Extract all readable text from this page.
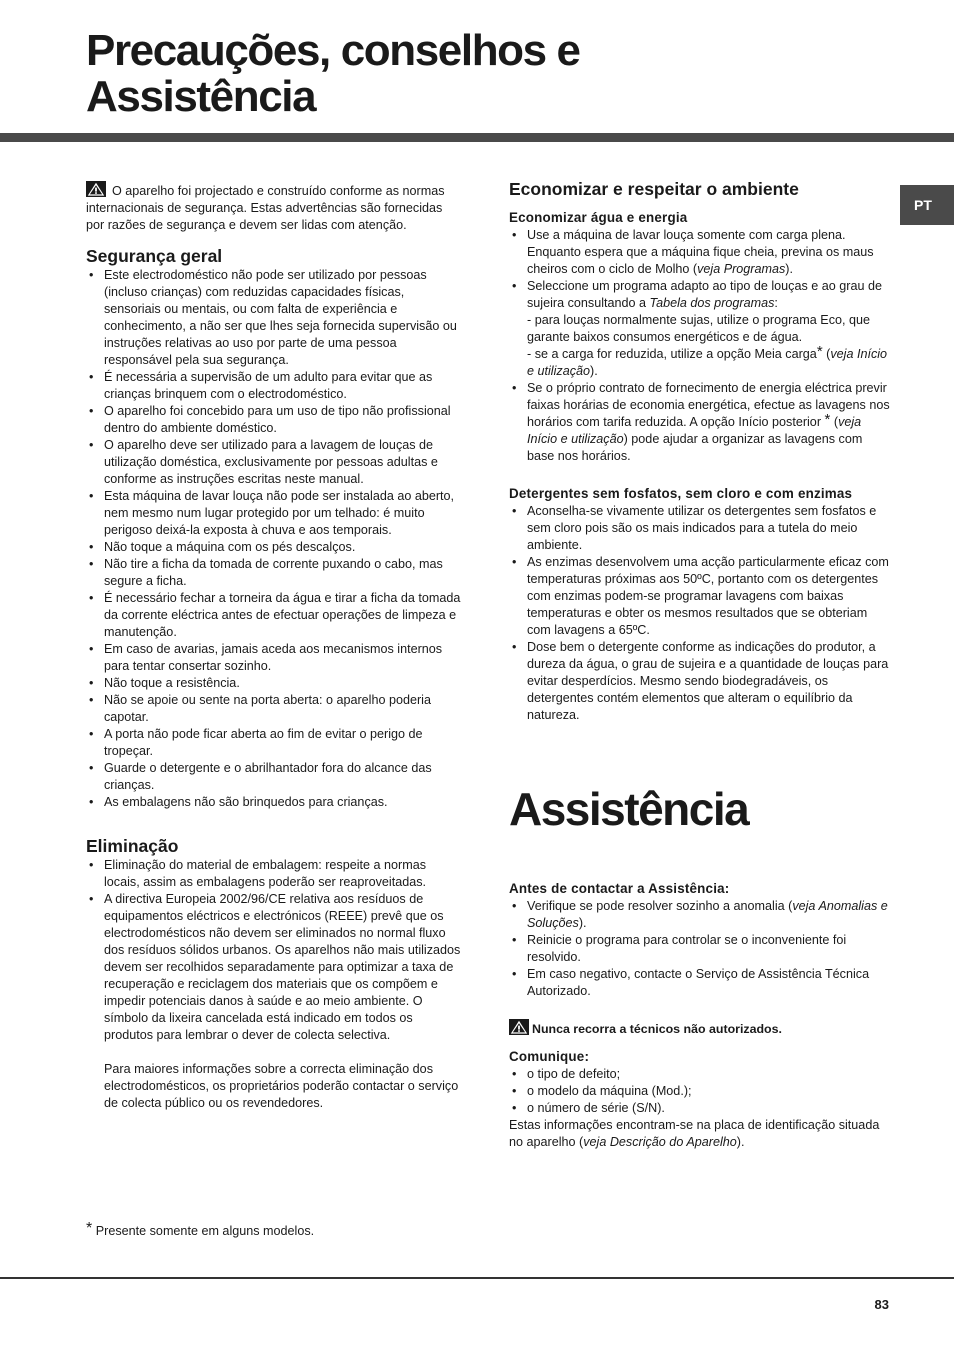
Precauções, conselhos e Assistência
PT

O aparelho foi projectado e construído conforme as normas internacionais de segurança. Estas advertências são fornecidas por razões de segurança e devem ser lidas com atenção.

Segurança geral
• Este electrodoméstico não pode ser utilizado por pessoas (incluso crianças) com reduzidas capacidades físicas, sensoriais ou mentais, ou com falta de experiência e conhecimento, a não ser que lhes seja fornecida supervisão ou instruções relativas ao uso por parte de uma pessoa responsável pela sua segurança.
• É necessária a supervisão de um adulto para evitar que as crianças brinquem com o electrodoméstico.
• O aparelho foi concebido para um uso de tipo não profissional dentro do ambiente doméstico.
• O aparelho deve ser utilizado para a lavagem de louças de utilização doméstica, exclusivamente por pessoas adultas e conforme as instruções escritas neste manual.
• Esta máquina de lavar louça não pode ser instalada ao aberto, nem mesmo num lugar protegido por um telhado: é muito perigoso deixá-la exposta à chuva e aos temporais.
• Não toque a máquina com os pés descalços.
• Não tire a ficha da tomada de corrente puxando o cabo, mas segure a ficha.
• É necessário fechar a torneira da água e tirar a ficha da tomada da corrente eléctrica antes de efectuar operações de limpeza e manutenção.
• Em caso de avarias, jamais aceda aos mecanismos internos para tentar consertar sozinho.
• Não toque a resistência.
• Não se apoie ou sente na porta aberta: o aparelho poderia capotar.
• A porta não pode ficar aberta ao fim de evitar o perigo de tropeçar.
• Guarde o detergente e o abrilhantador fora do alcance das crianças.
• As embalagens não são brinquedos para crianças.
Eliminação
• Eliminação do material de embalagem: respeite a normas locais, assim as embalagens poderão ser reaproveitadas.
• A directiva Europeia 2002/96/CE relativa aos resíduos de equipamentos eléctricos e electrónicos (REEE) prevê que os electrodomésticos não devem ser eliminados no normal fluxo dos resíduos sólidos urbanos. Os aparelhos não mais utilizados devem ser recolhidos separadamente para optimizar a taxa de recuperação e reciclagem dos materiais que os compõem e impedir potenciais danos à saúde e ao meio ambiente. O símbolo da lixeira cancelada está indicado em todos os produtos para lembrar o dever de colecta selectiva.

Para maiores informações sobre a correcta eliminação dos electrodomésticos, os proprietários poderão contactar o serviço de colecta público ou os revendedores.

Economizar e respeitar o ambiente
Economizar água e energia
• Use a máquina de lavar louça somente com carga plena. Enquanto espera que a máquina fique cheia, previna os maus cheiros com o ciclo de Molho (veja Programas).
• Seleccione um programa adapto ao tipo de louças e ao grau de sujeira consultando a Tabela dos programas:
- para louças normalmente sujas, utilize o programa Eco, que garante baixos consumos energéticos e de água.
- se a carga for reduzida, utilize a opção Meia carga* (veja Início e utilização).
• Se o próprio contrato de fornecimento de energia eléctrica previr faixas horárias de economia energética, efectue as lavagens nos horários com tarifa reduzida. A opção Início posterior * (veja Início e utilização) pode ajudar a organizar as lavagens com base nos horários.
Detergentes sem fosfatos, sem cloro e com enzimas
• Aconselha-se vivamente utilizar os detergentes sem fosfatos e sem cloro pois são os mais indicados para a tutela do meio ambiente.
• As enzimas desenvolvem uma acção particularmente eficaz com temperaturas próximas aos 50ºC, portanto com os detergentes com enzimas podem-se programar lavagens com baixas temperaturas e obter os mesmos resultados que se obteriam com lavagens a 65ºC.
• Dose bem o detergente conforme as indicações do produtor, a dureza da água, o grau de sujeira e a quantidade de louças para evitar desperdícios. Mesmo sendo biodegradáveis, os detergentes contém elementos que alteram o equilíbrio da natureza.
Assistência
Antes de contactar a Assistência:
• Verifique se pode resolver sozinho a anomalia (veja Anomalias e Soluções).
• Reinicie o programa para controlar se o inconveniente foi resolvido.
• Em caso negativo, contacte o Serviço de Assistência Técnica Autorizado.

Nunca recorra a técnicos não autorizados.

Comunique:
• o tipo de defeito;
• o modelo da máquina (Mod.);
• o número de série (S/N).

Estas informações encontram-se na placa de identificação situada no aparelho (veja Descrição do Aparelho).

* Presente somente em alguns modelos.
83
